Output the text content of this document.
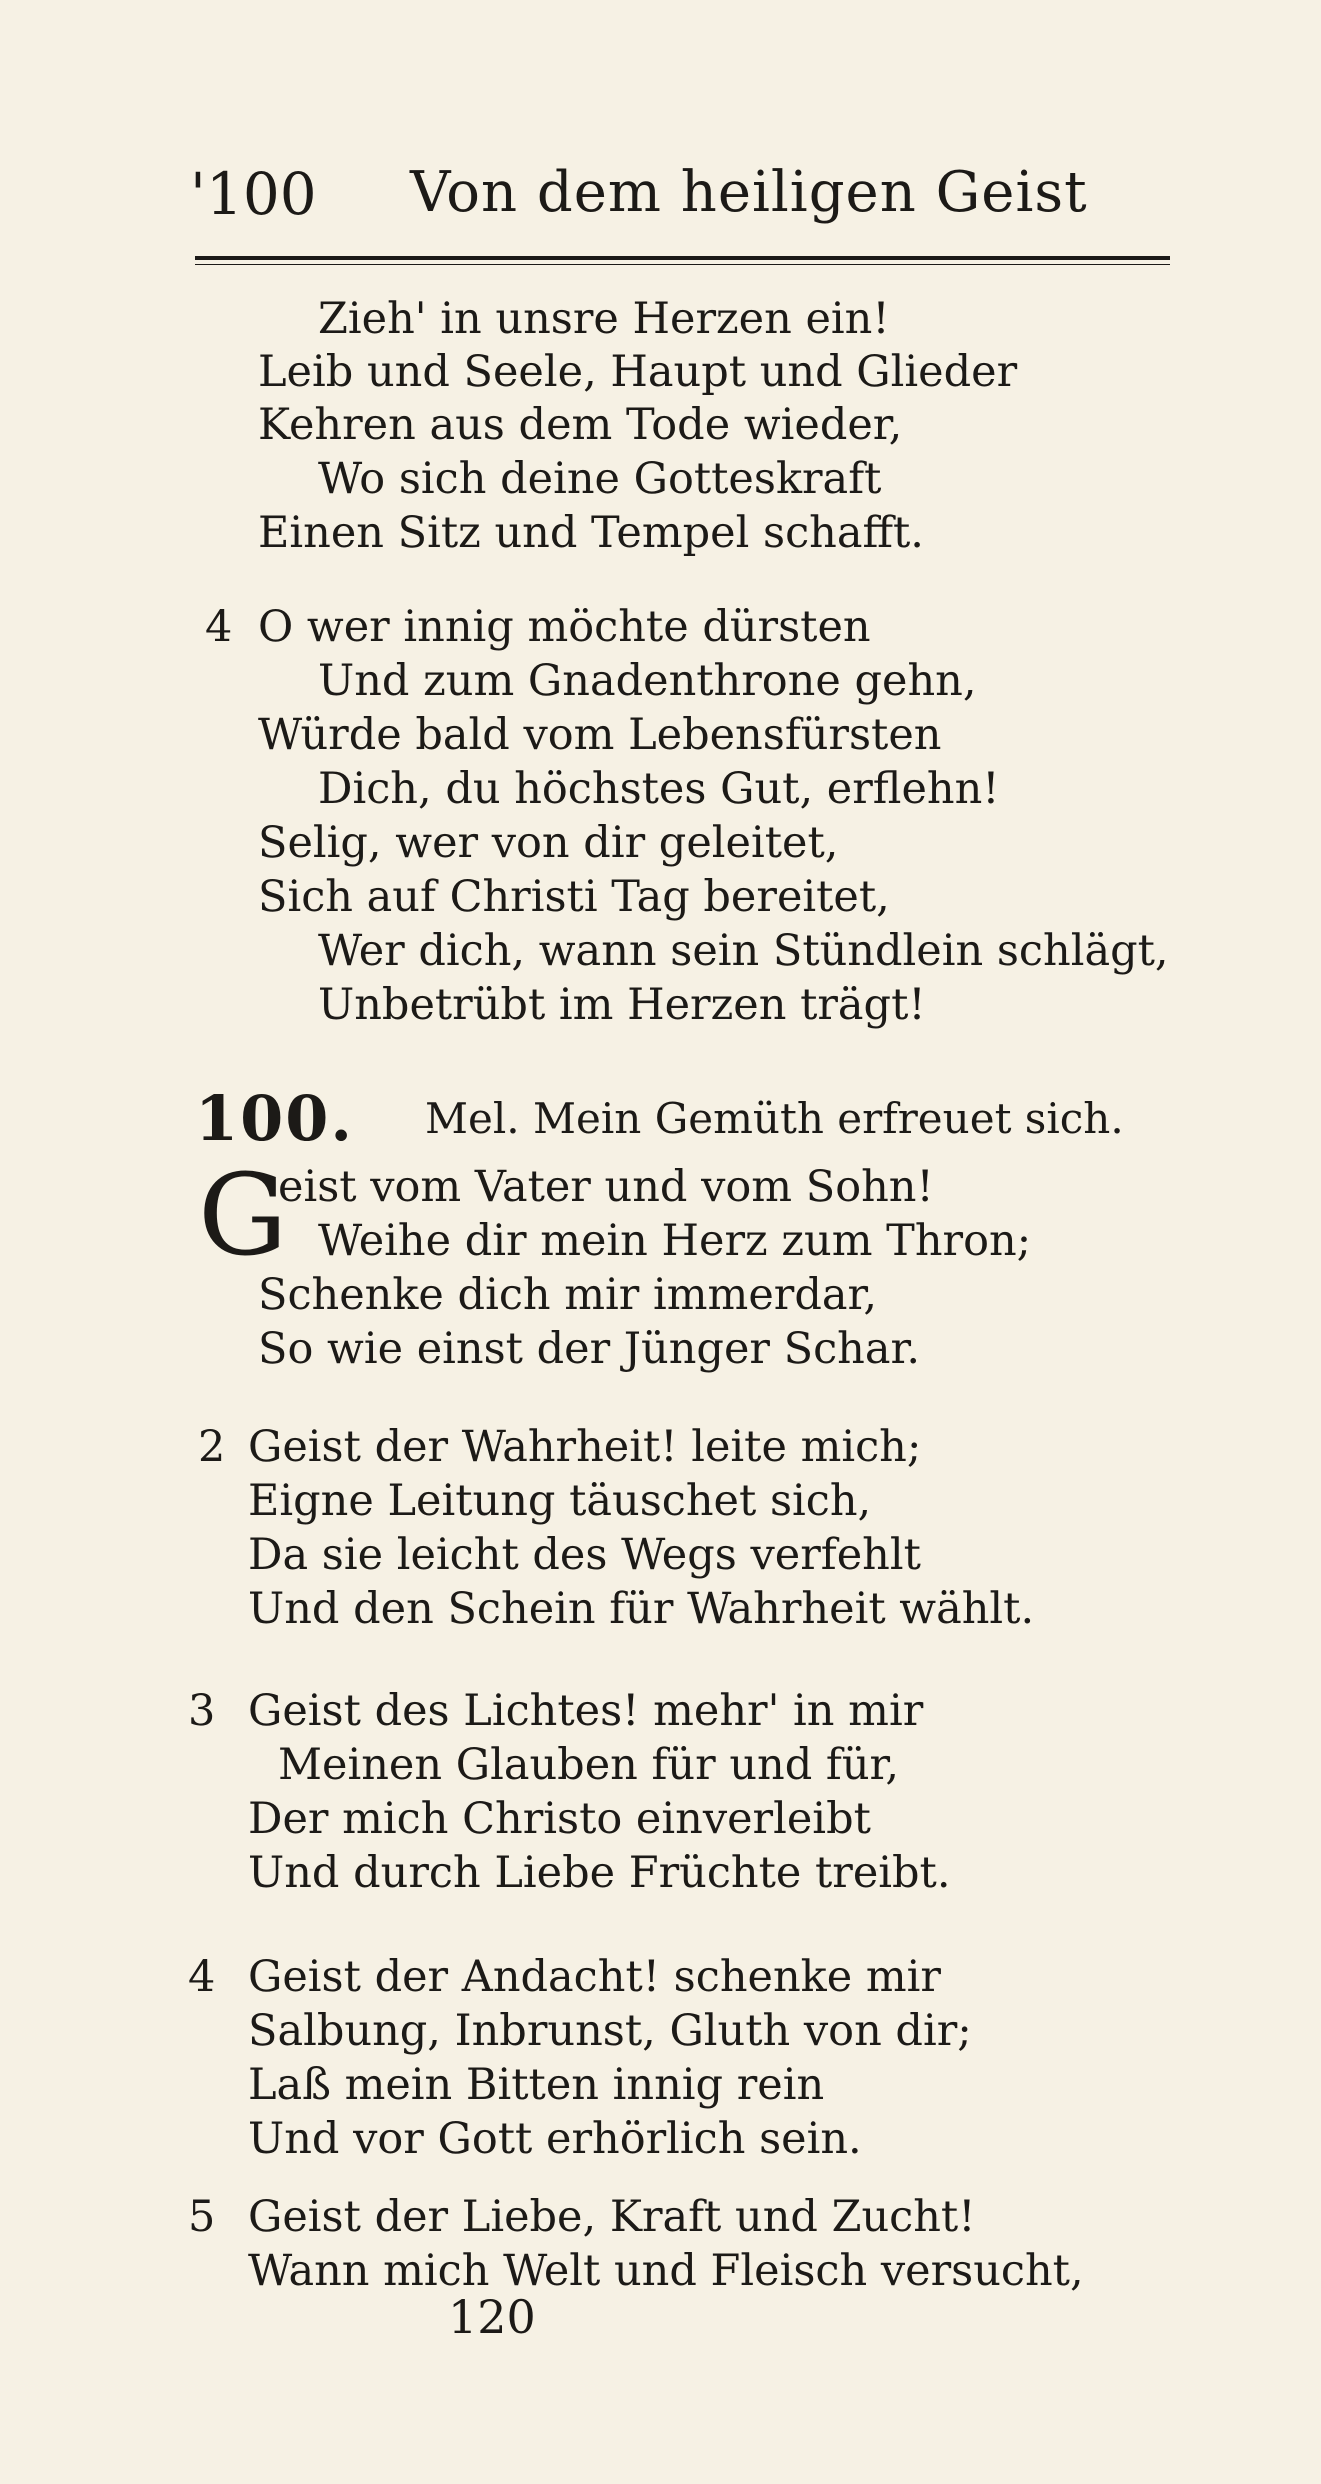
'100 Von dem heiligen Geist
Zieh' in unsre Herzen ein!
Leib und Seele, Haupt und Glieder
Kehren aus dem Tode wieder,
Wo sich deine Gotteskraft
Einen Sitz und Tempel schafft.
4 O wer innig möchte dürsten
Und zum Gnadenthrone gehn,
Würde bald vom Lebensfürsten
Dich, du höchstes Gut, erflehn!
Selig, wer von dir geleitet,
Sich auf Christi Tag bereitet,
Wer dich, wann sein Stündlein schlägt,
Unbetrübt im Herzen trägt!
100. Mel. Mein Gemüth erfreuet sich.
G
eist vom Vater und vom Sohn!
Weihe dir mein Herz zum Thron;
Schenke dich mir immerdar,
So wie einst der Jünger Schar.
2 Geist der Wahrheit! leite mich;
Eigne Leitung täuschet sich,
Da sie leicht des Wegs verfehlt
Und den Schein für Wahrheit wählt.
3 Geist des Lichtes! mehr' in mir
Meinen Glauben für und für,
Der mich Christo einverleibt
Und durch Liebe Früchte treibt.
4 Geist der Andacht! schenke mir
Salbung, Inbrunst, Gluth von dir;
Laß mein Bitten innig rein
Und vor Gott erhörlich sein.
5 Geist der Liebe, Kraft und Zucht!
Wann mich Welt und Fleisch versucht,
120
